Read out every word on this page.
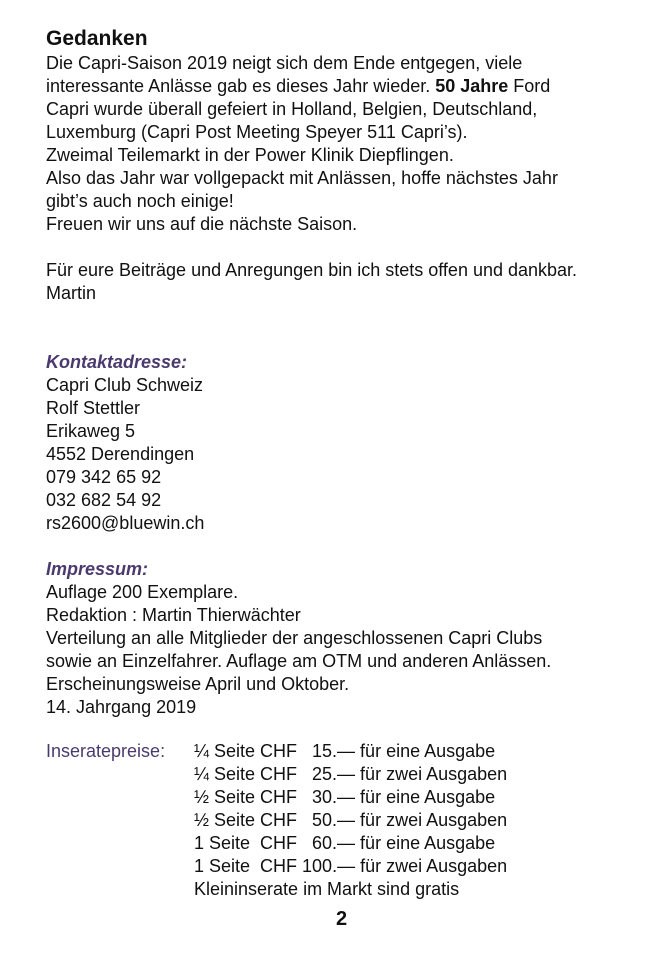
Gedanken

Die Capri-Saison 2019 neigt sich dem Ende entgegen, viele

interessante Anlässe gab es dieses Jahr wieder. 50 Jahre Ford

Capri wurde überall gefeiert in Holland, Belgien, Deutschland,

Luxemburg (Capri Post Meeting Speyer 511 Capri’s).

Zweimal Teilemarkt in der Power Klinik Diepflingen.

Also das Jahr war vollgepackt mit Anlässen, hoffe nächstes Jahr

gibt’s auch noch einige!

Freuen wir uns auf die nächste Saison.

Für eure Beiträge und Anregungen bin ich stets offen und dankbar.

Martin

Kontaktadresse:

Capri Club Schweiz

Rolf Stettler

Erikaweg 5

4552 Derendingen

079 342 65 92

032 682 54 92

rs2600@bluewin.ch

Impressum:

Auflage 200 Exemplare.

Redaktion : Martin Thierwächter

Verteilung an alle Mitglieder der angeschlossenen Capri Clubs

sowie an Einzelfahrer. Auflage am OTM und anderen Anlässen.

Erscheinungsweise April und Oktober.

14. Jahrgang 2019

Inseratepreise:	¼ Seite CHF   15.— für eine Ausgabe
¼ Seite CHF   25.— für zwei Ausgaben
½ Seite CHF   30.— für eine Ausgabe
½ Seite CHF   50.— für zwei Ausgaben
1 Seite  CHF   60.— für eine Ausgabe
1 Seite  CHF 100.— für zwei Ausgaben
Kleininserate im Markt sind gratis
2
